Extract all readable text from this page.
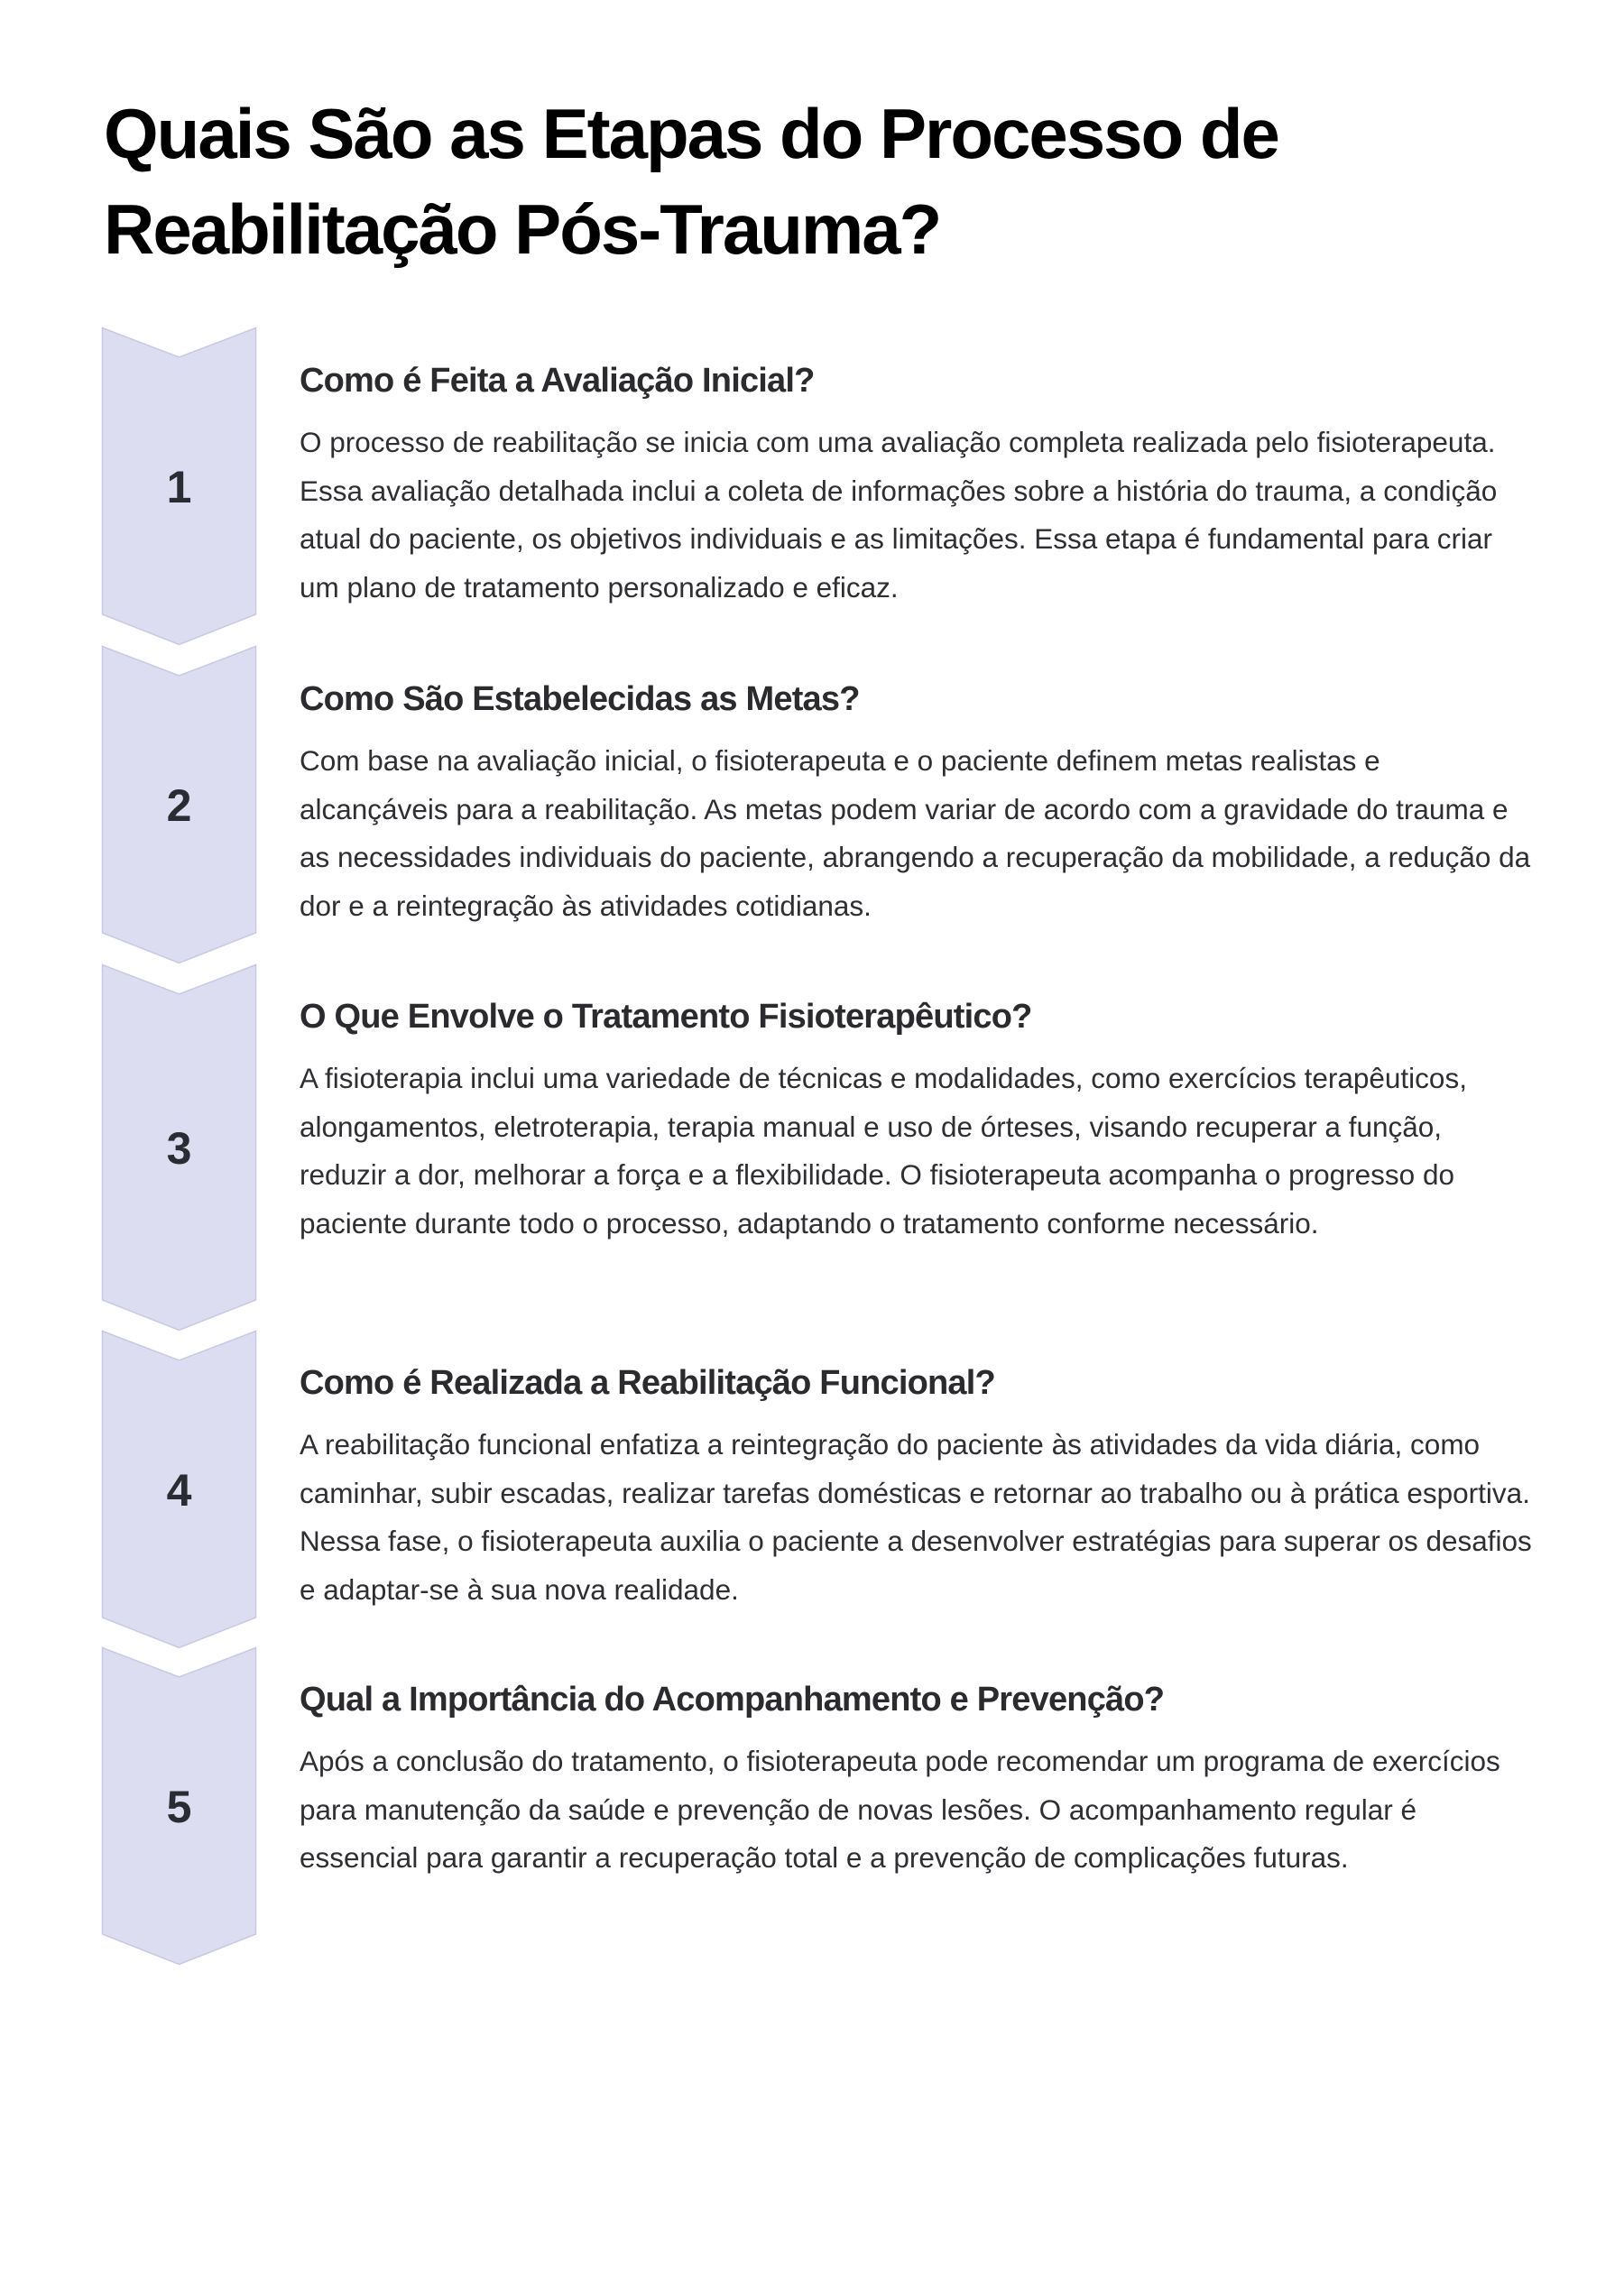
Quais São as Etapas do Processo de Reabilitação Pós-Trauma?
1
Como é Feita a Avaliação Inicial?

O processo de reabilitação se inicia com uma avaliação completa realizada pelo fisioterapeuta. Essa avaliação detalhada inclui a coleta de informações sobre a história do trauma, a condição atual do paciente, os objetivos individuais e as limitações. Essa etapa é fundamental para criar um plano de tratamento personalizado e eficaz.

2
Como São Estabelecidas as Metas?

Com base na avaliação inicial, o fisioterapeuta e o paciente definem metas realistas e alcançáveis para a reabilitação. As metas podem variar de acordo com a gravidade do trauma e as necessidades individuais do paciente, abrangendo a recuperação da mobilidade, a redução da dor e a reintegração às atividades cotidianas.

3
O Que Envolve o Tratamento Fisioterapêutico?

A fisioterapia inclui uma variedade de técnicas e modalidades, como exercícios terapêuticos, alongamentos, eletroterapia, terapia manual e uso de órteses, visando recuperar a função, reduzir a dor, melhorar a força e a flexibilidade. O fisioterapeuta acompanha o progresso do paciente durante todo o processo, adaptando o tratamento conforme necessário.

4
Como é Realizada a Reabilitação Funcional?

A reabilitação funcional enfatiza a reintegração do paciente às atividades da vida diária, como caminhar, subir escadas, realizar tarefas domésticas e retornar ao trabalho ou à prática esportiva. Nessa fase, o fisioterapeuta auxilia o paciente a desenvolver estratégias para superar os desafios e adaptar-se à sua nova realidade.

5
Qual a Importância do Acompanhamento e Prevenção?

Após a conclusão do tratamento, o fisioterapeuta pode recomendar um programa de exercícios para manutenção da saúde e prevenção de novas lesões. O acompanhamento regular é essencial para garantir a recuperação total e a prevenção de complicações futuras.
